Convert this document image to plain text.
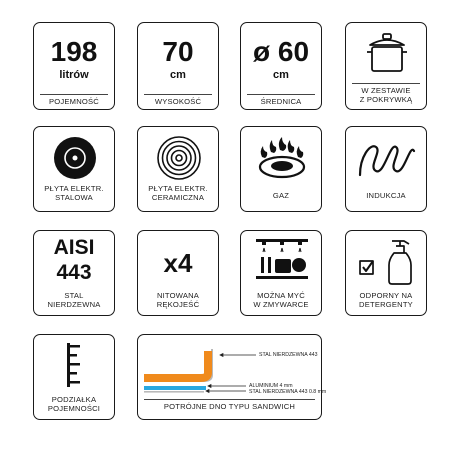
198
litrów
POJEMNOŚĆ
70
cm
WYSOKOŚĆ
ø 60
cm
ŚREDNICA
W ZESTAWIE
Z POKRYWKĄ
PŁYTA ELEKTR.
STALOWA
PŁYTA ELEKTR.
CERAMICZNA	GAZ	INDUKCJA
AISI
443
STAL
NIERDZEWNA
x4
NITOWANA
RĘKOJEŚĆ
MOŻNA MYĆ
W ZMYWARCE
ODPORNY NA
DETERGENTY
PODZIAŁKA
POJEMNOŚCI
STAL NIERDZEWNA 443
ALUMINIUM 4 mm
STAL NIERDZEWNA 443 0.8 mm
POTRÓJNE DNO TYPU SANDWICH
